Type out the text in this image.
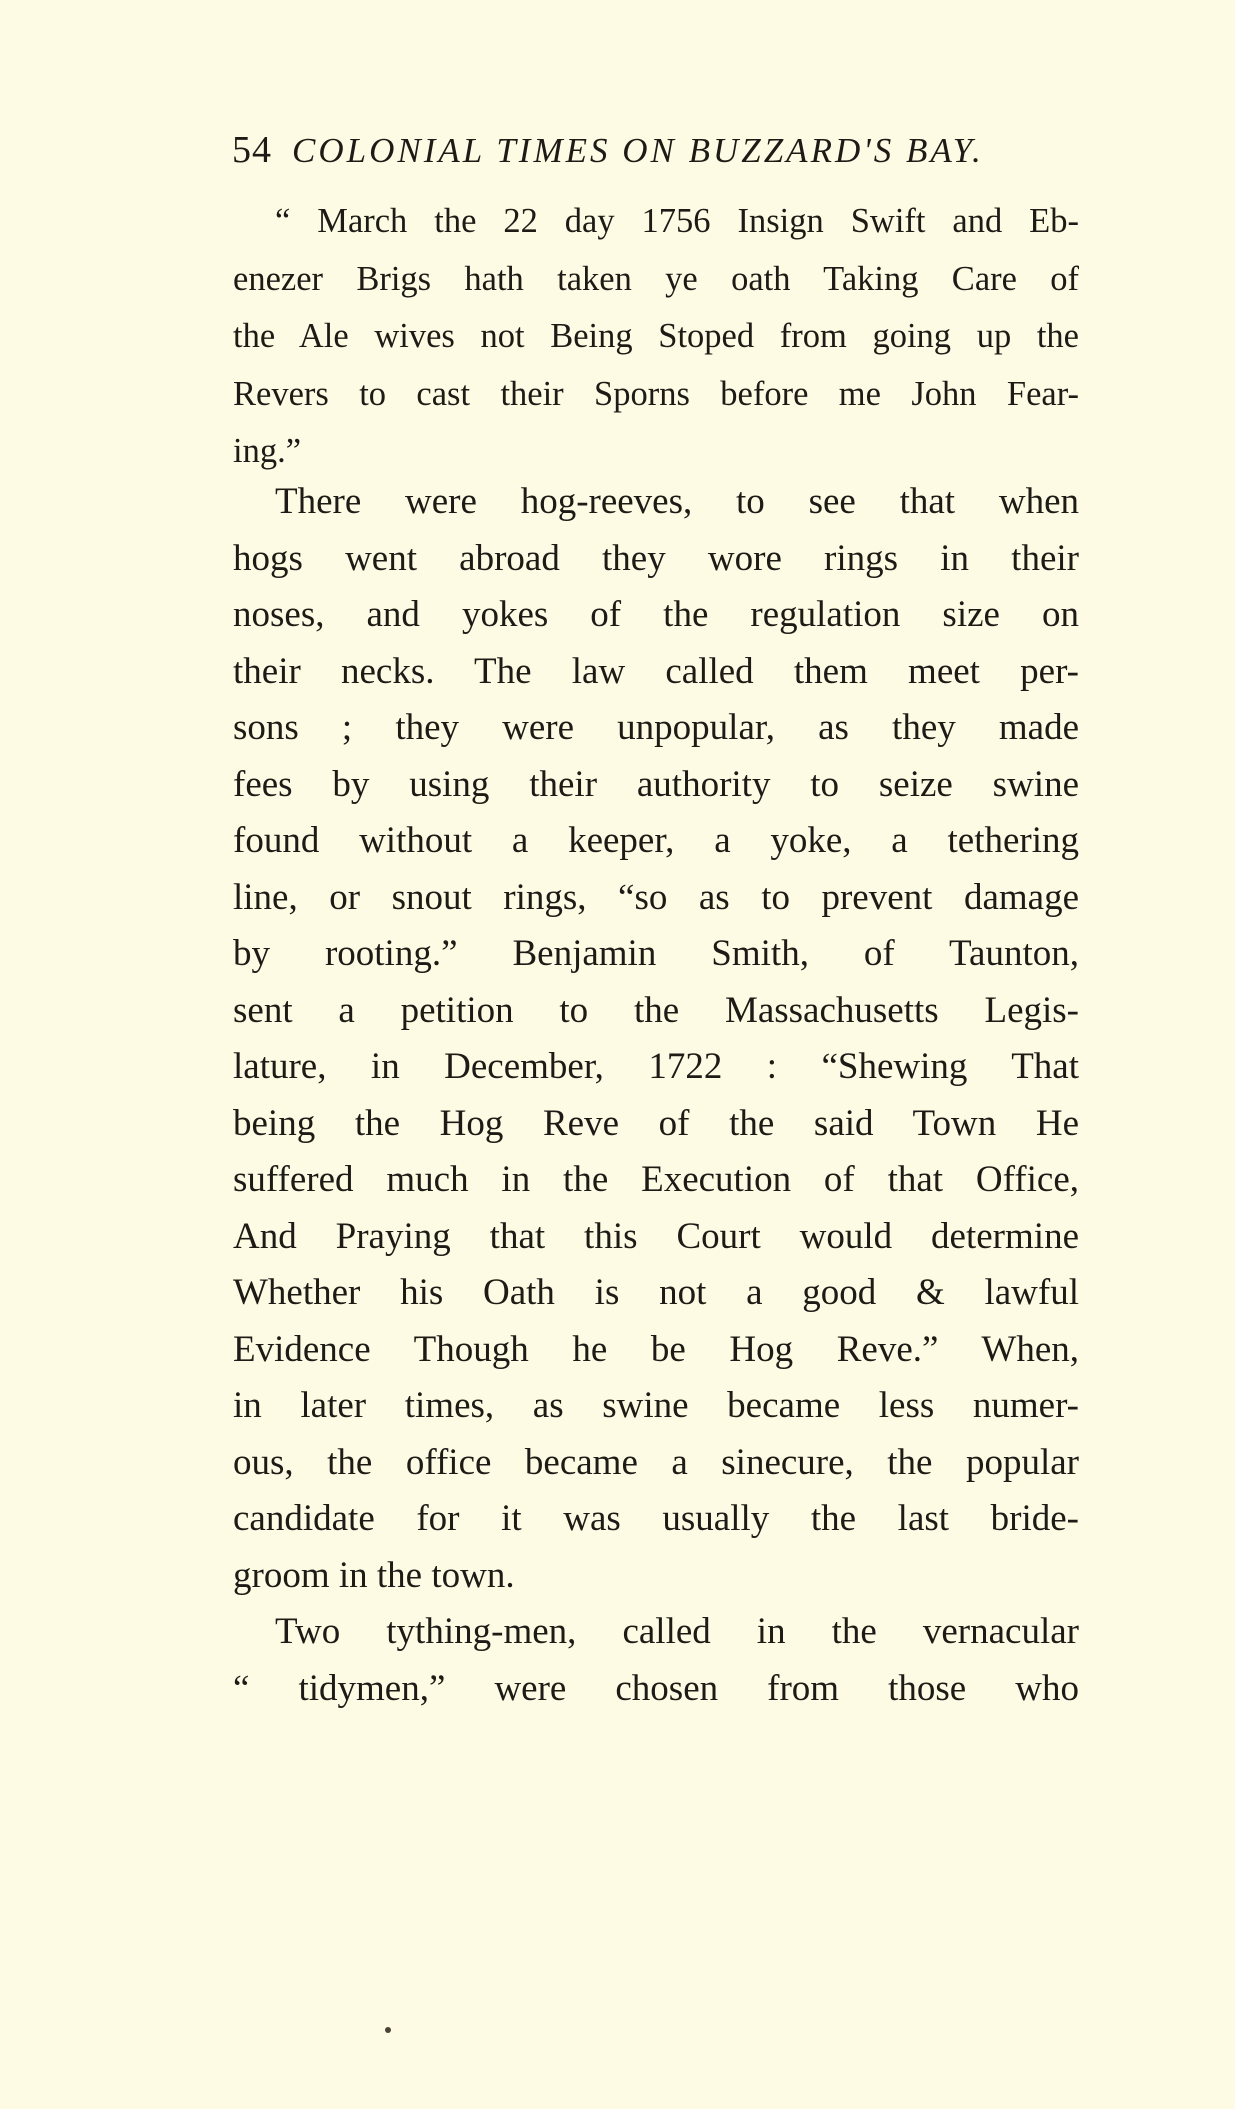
54 COLONIAL TIMES ON BUZZARD'S BAY.
“ March the 22 day 1756 Insign Swift and Eb-
enezer Brigs hath taken ye oath Taking Care of
the Ale wives not Being Stoped from going up the
Revers to cast their Sporns before me John Fear-
ing.”
There were hog-reeves, to see that when
hogs went abroad they wore rings in their
noses, and yokes of the regulation size on
their necks. The law called them meet per-
sons ; they were unpopular, as they made
fees by using their authority to seize swine
found without a keeper, a yoke, a tethering
line, or snout rings, “so as to prevent damage
by rooting.” Benjamin Smith, of Taunton,
sent a petition to the Massachusetts Legis-
lature, in December, 1722 : “Shewing That
being the Hog Reve of the said Town He
suffered much in the Execution of that Office,
And Praying that this Court would determine
Whether his Oath is not a good & lawful
Evidence Though he be Hog Reve.” When,
in later times, as swine became less numer-
ous, the office became a sinecure, the popular
candidate for it was usually the last bride-
groom in the town.
Two tything-men, called in the vernacular
“ tidymen,” were chosen from those who
